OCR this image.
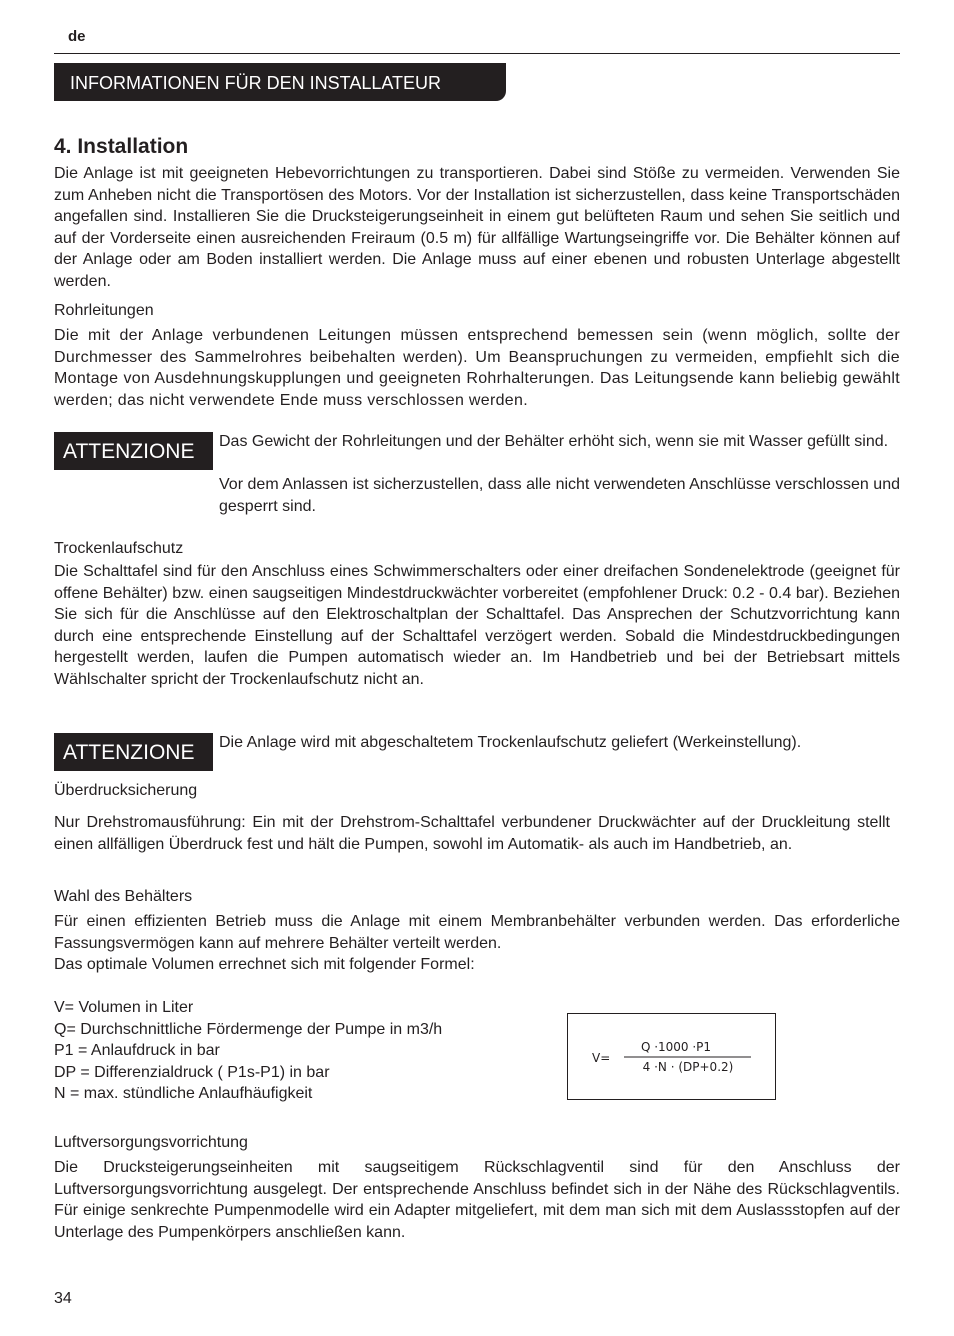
de
INFORMATIONEN FÜR DEN INSTALLATEUR
4. Installation
Die Anlage ist mit geeigneten Hebevorrichtungen zu transportieren. Dabei sind Stöße zu vermeiden. Verwenden Sie zum Anheben nicht die Transportösen des Motors. Vor der Installation ist sicherzustellen, dass keine Transportschäden angefallen sind. Installieren Sie die Drucksteigerungseinheit in einem gut belüfteten Raum und sehen Sie seitlich und auf der Vorderseite einen ausreichenden Freiraum (0.5 m) für allfällige Wartungseingriffe vor. Die Behälter können auf der Anlage oder am Boden installiert werden. Die Anlage muss auf einer ebenen und robusten Unterlage abgestellt werden.
Rohrleitungen
Die mit der Anlage verbundenen Leitungen müssen entsprechend bemessen sein (wenn möglich, sollte der Durchmesser des Sammelrohres beibehalten werden). Um Beanspruchungen zu vermeiden, empfiehlt sich die Montage von Ausdehnungskupplungen und geeigneten Rohrhalterungen. Das Leitungsende kann beliebig gewählt werden; das nicht verwendete Ende muss verschlossen werden.
ATTENZIONE	Das Gewicht der Rohrleitungen und der Behälter erhöht sich, wenn sie mit Wasser gefüllt sind.
Vor dem Anlassen ist sicherzustellen, dass alle nicht verwendeten Anschlüsse verschlossen und gesperrt sind.
Trockenlaufschutz
Die Schalttafel sind für den Anschluss eines Schwimmerschalters oder einer dreifachen Sondenelektrode (geeignet für offene Behälter) bzw. einen saugseitigen Mindestdruckwächter vorbereitet (empfohlener Druck: 0.2 - 0.4 bar). Beziehen Sie sich für die Anschlüsse auf den Elektroschaltplan der Schalttafel. Das Ansprechen der Schutzvorrichtung kann durch eine entsprechende Einstellung auf der Schalttafel verzögert werden. Sobald die Mindestdruckbedingungen hergestellt werden, laufen die Pumpen automatisch wieder an. Im Handbetrieb und bei der Betriebsart mittels Wählschalter spricht der Trockenlaufschutz nicht an.
ATTENZIONE	Die Anlage wird mit abgeschaltetem Trockenlaufschutz geliefert (Werkeinstellung).
Überdrucksicherung
Nur Drehstromausführung: Ein mit der Drehstrom-Schalttafel verbundener Druckwächter auf der Druckleitung stellt einen allfälligen Überdruck fest und hält die Pumpen, sowohl im Automatik- als auch im Handbetrieb, an.
Wahl des Behälters
Für einen effizienten Betrieb muss die Anlage mit einem Membranbehälter verbunden werden. Das erforderliche Fassungsvermögen kann auf mehrere Behälter verteilt werden.
Das optimale Volumen errechnet sich mit folgender Formel:
V= Volumen in Liter
Q= Durchschnittliche Fördermenge der Pumpe in m3/h
P1 = Anlaufdruck in bar
DP = Differenzialdruck ( P1s-P1) in bar
N = max. stündliche Anlaufhäufigkeit
V=
Q ·1000 ·P1
4 ·N · (DP+0.2)
Luftversorgungsvorrichtung
Die Drucksteigerungseinheiten mit saugseitigem Rückschlagventil sind für den Anschluss der Luftversorgungsvorrichtung ausgelegt. Der entsprechende Anschluss befindet sich in der Nähe des Rückschlagventils. Für einige senkrechte Pumpenmodelle wird ein Adapter mitgeliefert, mit dem man sich mit dem Auslassstopfen auf der Unterlage des Pumpenkörpers anschließen kann.
34
